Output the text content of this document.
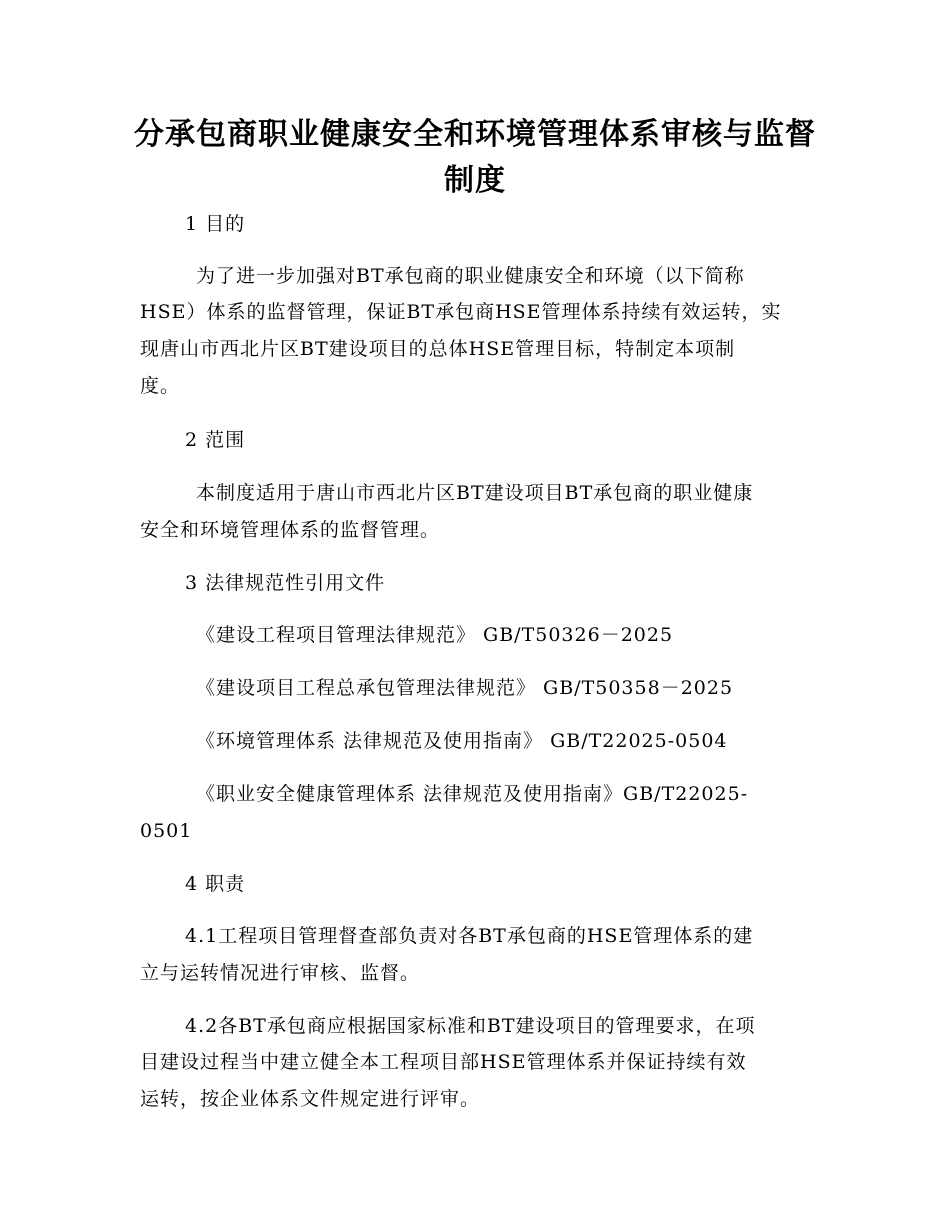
分承包商职业健康安全和环境管理体系审核与监督制度

1 目的

为了进一步加强对BT承包商的职业健康安全和环境（以下简称

HSE）体系的监督管理，保证BT承包商HSE管理体系持续有效运转，实

现唐山市西北片区BT建设项目的总体HSE管理目标，特制定本项制

度。

2 范围

本制度适用于唐山市西北片区BT建设项目BT承包商的职业健康

安全和环境管理体系的监督管理。

3 法律规范性引用文件

《建设工程项目管理法律规范》 GB/T50326－2025

《建设项目工程总承包管理法律规范》 GB/T50358－2025

《环境管理体系 法律规范及使用指南》 GB/T22025-0504

《职业安全健康管理体系 法律规范及使用指南》GB/T22025-

0501

4 职责

4.1工程项目管理督查部负责对各BT承包商的HSE管理体系的建

立与运转情况进行审核、监督。

4.2各BT承包商应根据国家标准和BT建设项目的管理要求，在项

目建设过程当中建立健全本工程项目部HSE管理体系并保证持续有效

运转，按企业体系文件规定进行评审。
